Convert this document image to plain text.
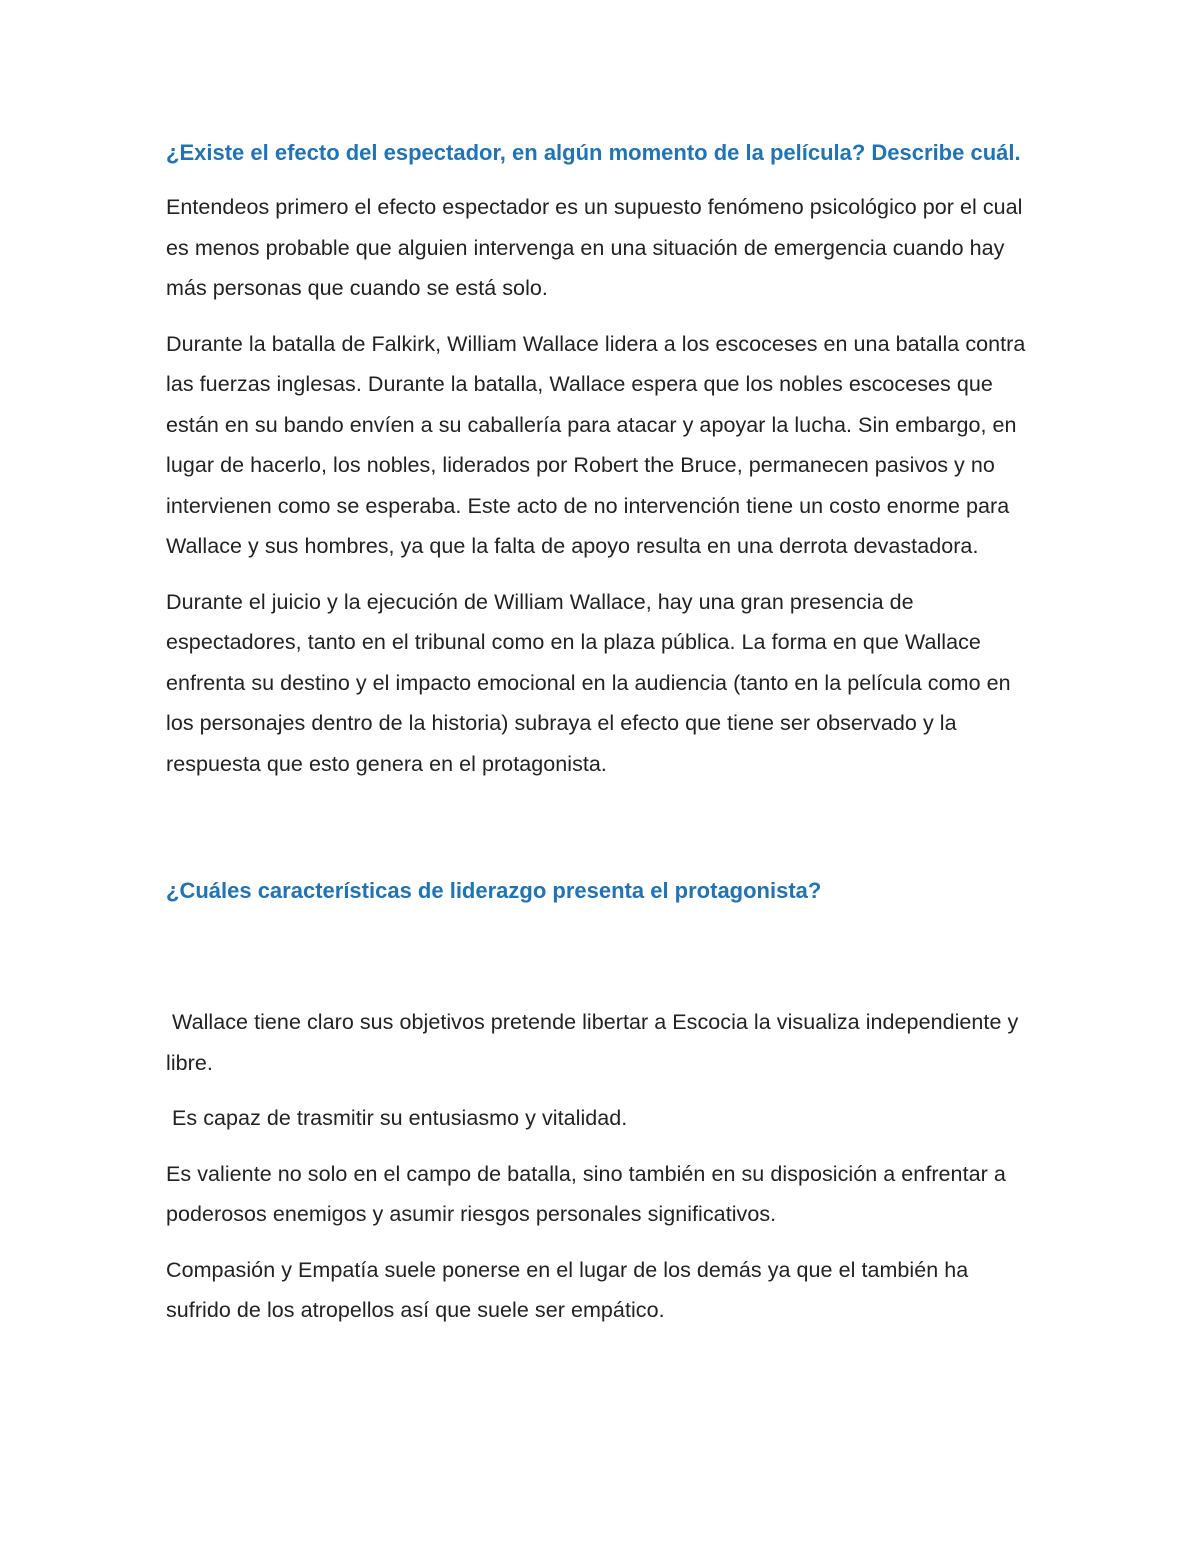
¿Existe el efecto del espectador, en algún momento de la película? Describe cuál.

Entendeos primero el efecto espectador es un supuesto fenómeno psicológico por el cual es menos probable que alguien intervenga en una situación de emergencia cuando hay más personas que cuando se está solo.

Durante la batalla de Falkirk, William Wallace lidera a los escoceses en una batalla contra las fuerzas inglesas. Durante la batalla, Wallace espera que los nobles escoceses que están en su bando envíen a su caballería para atacar y apoyar la lucha. Sin embargo, en lugar de hacerlo, los nobles, liderados por Robert the Bruce, permanecen pasivos y no intervienen como se esperaba. Este acto de no intervención tiene un costo enorme para Wallace y sus hombres, ya que la falta de apoyo resulta en una derrota devastadora.

Durante el juicio y la ejecución de William Wallace, hay una gran presencia de espectadores, tanto en el tribunal como en la plaza pública. La forma en que Wallace enfrenta su destino y el impacto emocional en la audiencia (tanto en la película como en los personajes dentro de la historia) subraya el efecto que tiene ser observado y la respuesta que esto genera en el protagonista.

¿Cuáles características de liderazgo presenta el protagonista?

Wallace tiene claro sus objetivos pretende libertar a Escocia la visualiza independiente y libre.

Es capaz de trasmitir su entusiasmo y vitalidad.

Es valiente no solo en el campo de batalla, sino también en su disposición a enfrentar a poderosos enemigos y asumir riesgos personales significativos.

Compasión y Empatía suele ponerse en el lugar de los demás ya que el también ha sufrido de los atropellos así que suele ser empático.
